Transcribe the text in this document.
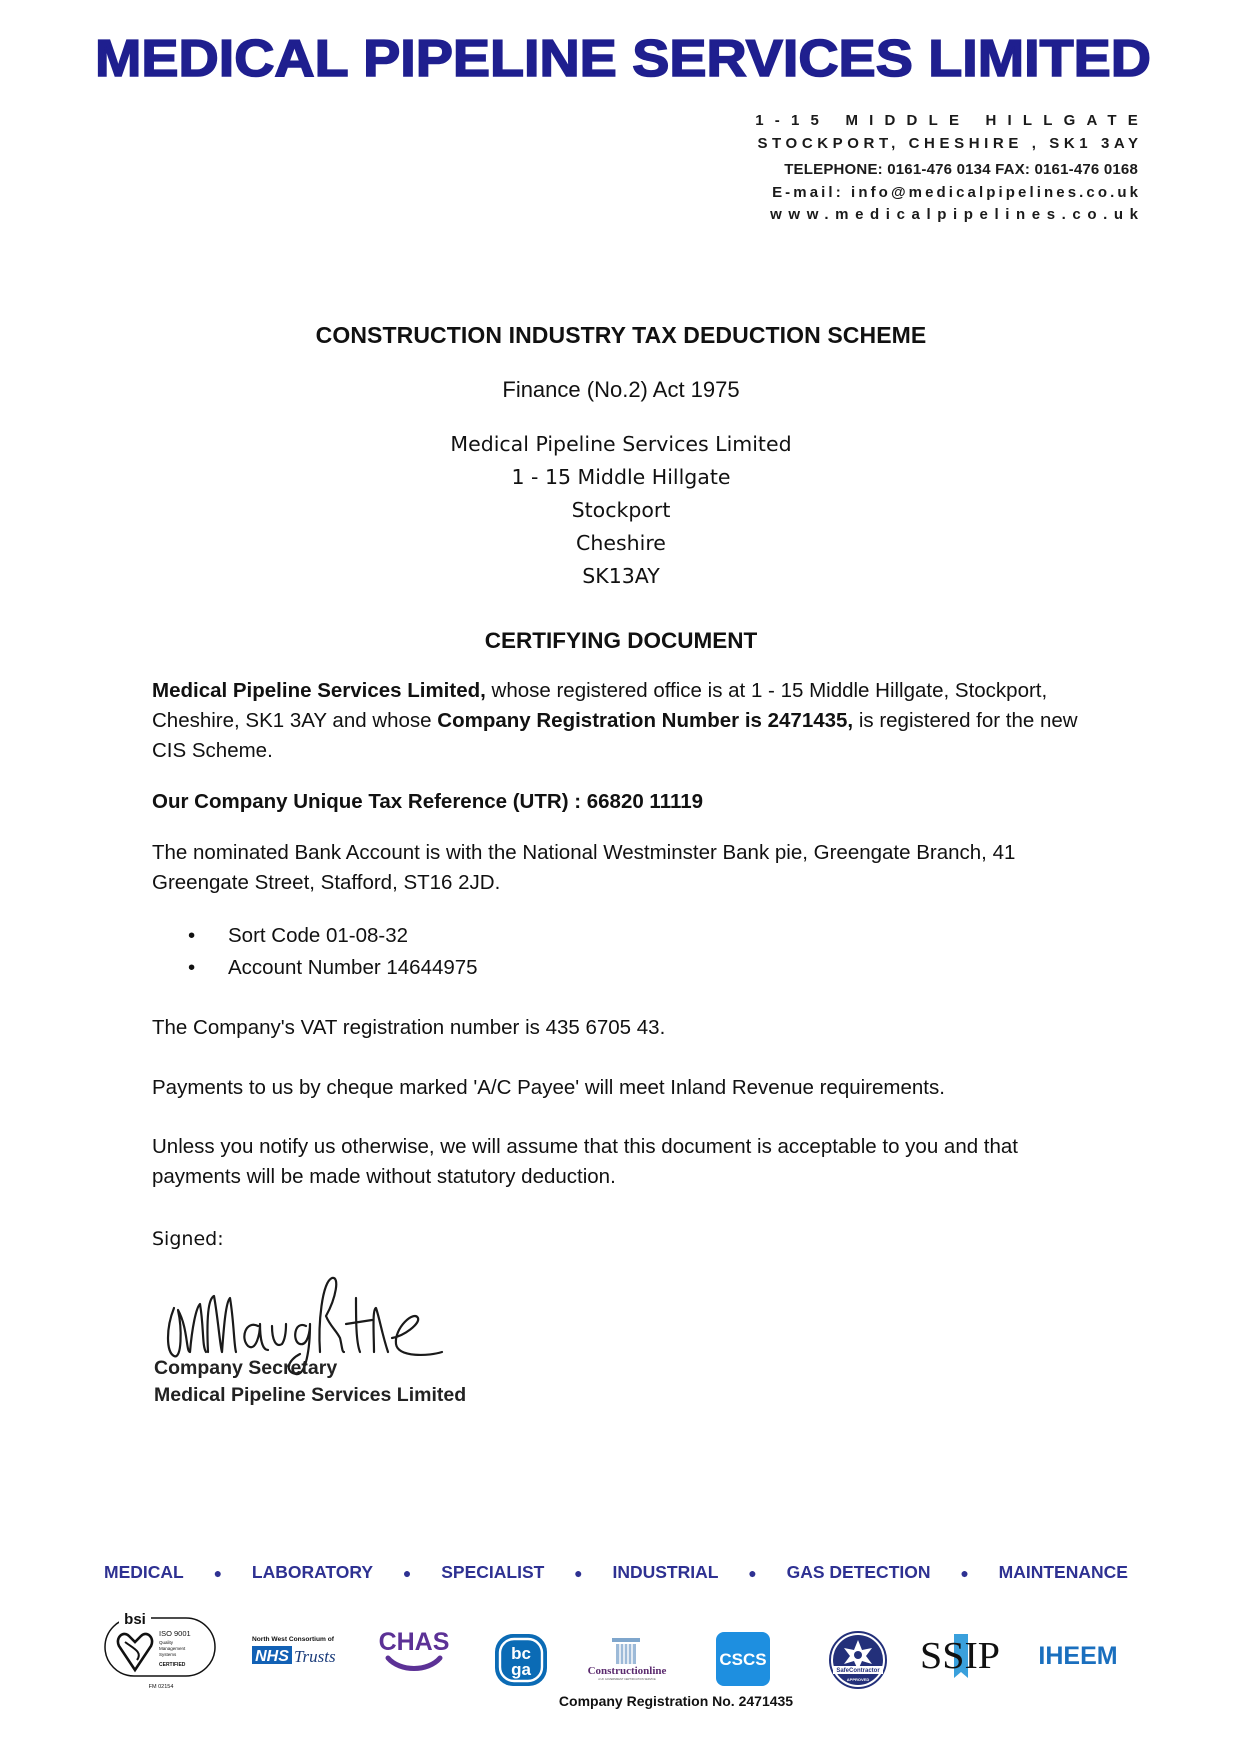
MEDICAL PIPELINE SERVICES LIMITED
1-15 MIDDLE HILLGATE
STOCKPORT, CHESHIRE , SK1 3AY
TELEPHONE: 0161-476 0134 FAX: 0161-476 0168
E-mail: info@medicalpipelines.co.uk
www.medicalpipelines.co.uk
CONSTRUCTION INDUSTRY TAX DEDUCTION SCHEME
Finance (No.2) Act 1975
Medical Pipeline Services Limited
1 - 15 Middle Hillgate
Stockport
Cheshire
SK13AY
CERTIFYING DOCUMENT
Medical Pipeline Services Limited, whose registered office is at 1 - 15 Middle Hillgate, Stockport, Cheshire, SK1 3AY and whose Company Registration Number is 2471435, is registered for the new CIS Scheme.
Our Company Unique Tax Reference (UTR) : 66820 11119
The nominated Bank Account is with the National Westminster Bank pie, Greengate Branch, 41 Greengate Street, Stafford, ST16 2JD.
• Sort Code 01-08-32
• Account Number 14644975
The Company's VAT registration number is 435 6705 43.
Payments to us by cheque marked 'A/C Payee' will meet Inland Revenue requirements.
Unless you notify us otherwise, we will assume that this document is acceptable to you and that payments will be made without statutory deduction.
Signed:
Company Secretary
Medical Pipeline Services Limited
MEDICAL ● LABORATORY ● SPECIALIST ● INDUSTRIAL ● GAS DETECTION ● MAINTENANCE
bsi
ISO 9001
Quality
Management
Systems
CERTIFIED
FM 02154
North West Consortium of
NHS Trusts
CHAS	bc
ga	Constructionline
A UK GOVERNMENT CERTIFICATION SERVICE
CSCS
SafeContractor
APPROVED
SSIP IHEEM
Company Registration No. 2471435
